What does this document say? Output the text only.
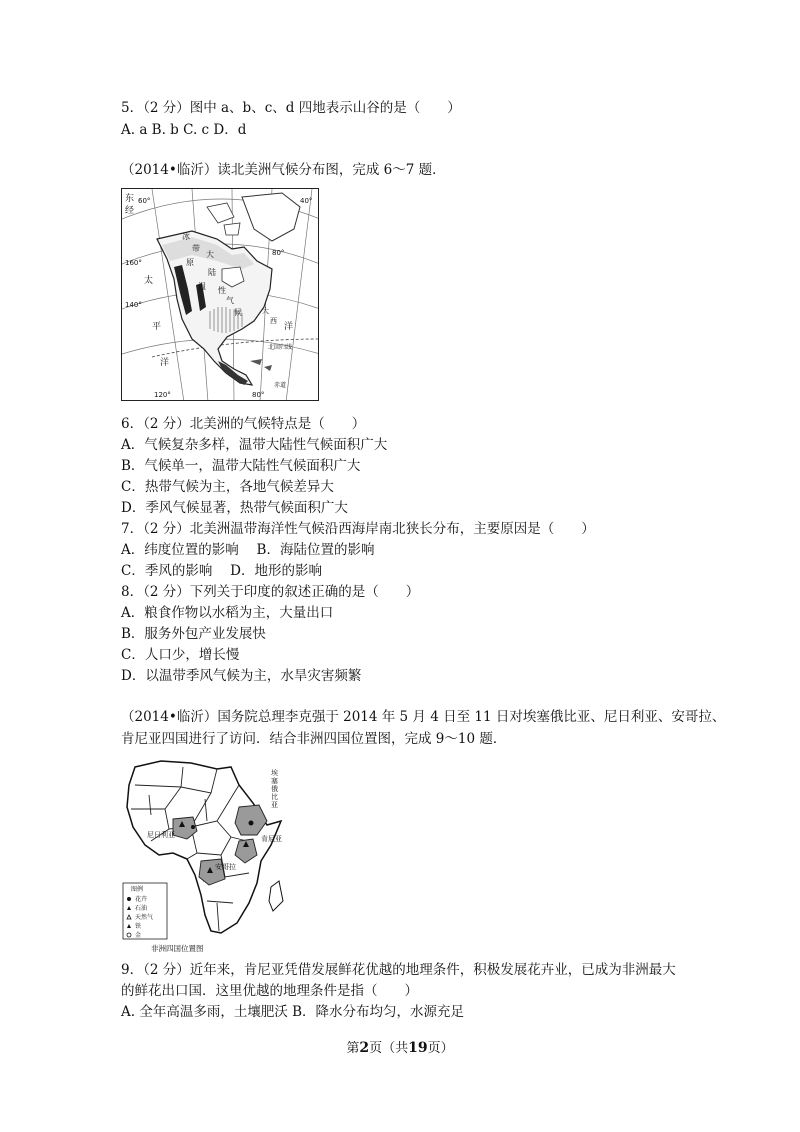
5．（2 分）图中 a、b、c、d 四地表示山谷的是（　　）
A. a B. b C. c D．d
（2014•临沂）读北美洲气候分布图，完成 6～7 题．
东
经
160°
140°
60°	40°
80°
冰
带
原
大
陆
温 性
气
候
太
平
洋
洋
大
西
北回归线
120°	80°
赤道
6．（2 分）北美洲的气候特点是（　　）
A．气候复杂多样，温带大陆性气候面积广大
B．气候单一，温带大陆性气候面积广大
C．热带气候为主，各地气候差异大
D．季风气候显著，热带气候面积广大
7．（2 分）北美洲温带海洋性气候沿西海岸南北狭长分布，主要原因是（　　）
A．纬度位置的影响　 B．海陆位置的影响
C．季风的影响　 D．地形的影响
8．（2 分）下列关于印度的叙述正确的是（　　）
A．粮食作物以水稻为主，大量出口
B．服务外包产业发展快
C．人口少，增长慢
D．以温带季风气候为主，水旱灾害频繁
（2014•临沂）国务院总理李克强于 2014 年 5 月 4 日至 11 日对埃塞俄比亚、尼日利亚、安哥拉、
肯尼亚四国进行了访问．结合非洲四国位置图，完成 9～10 题．
尼日利亚
安哥拉
肯尼亚
埃塞俄比亚
图例
花卉
石油
天然气
铁
金
非洲四国位置图
9．（2 分）近年来，肯尼亚凭借发展鲜花优越的地理条件，积极发展花卉业，已成为非洲最大
的鲜花出口国．这里优越的地理条件是指（　　）
A. 全年高温多雨，土壤肥沃 B．降水分布均匀，水源充足
第2页（共19页）
